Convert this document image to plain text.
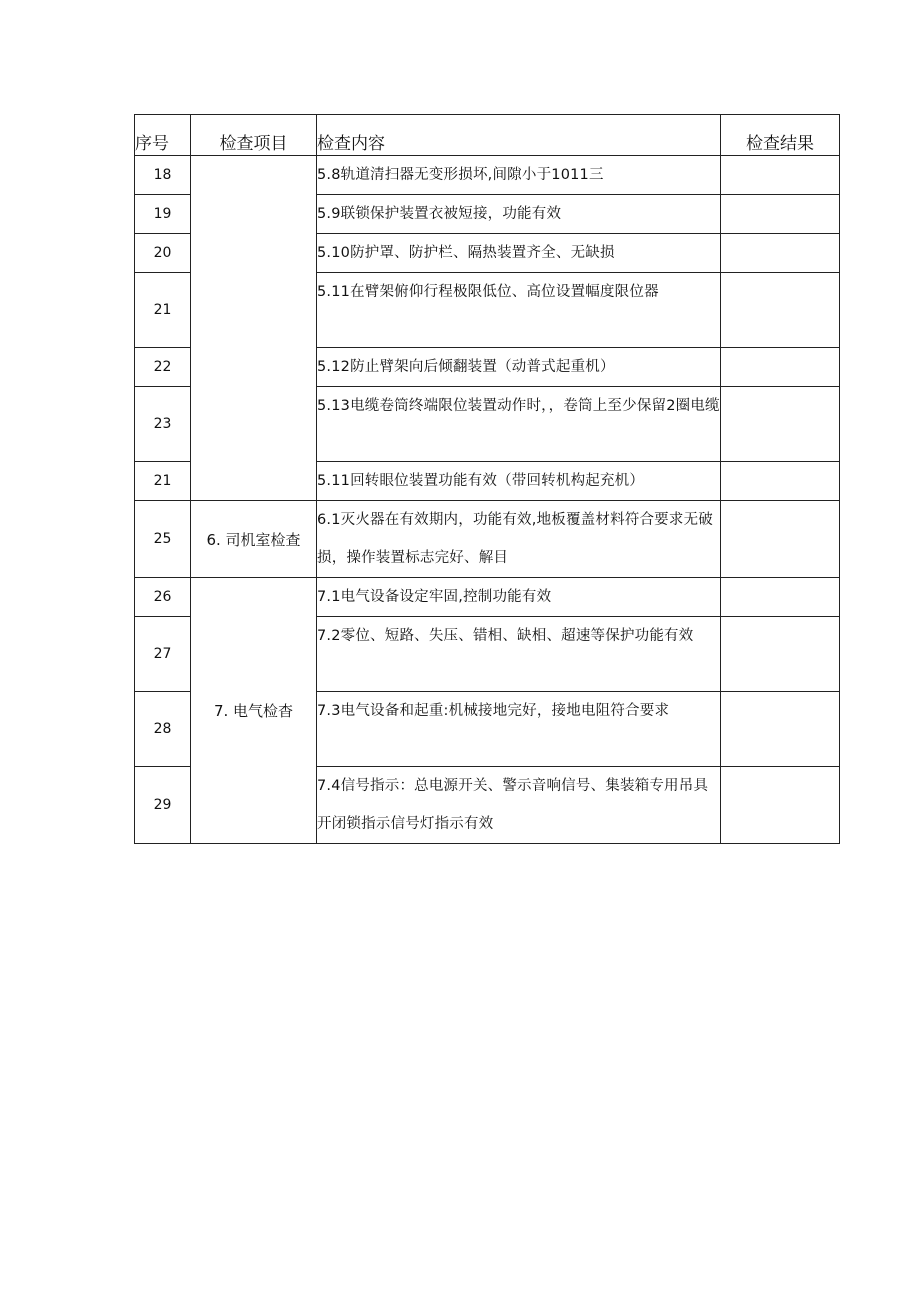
序号	检查项目	检查内容	检查结果
18		5.8轨道清扫器无变形损坏,间隙小于1011三	
19		5.9联锁保护装置衣被短接，功能有效	
20		5.10防护罩、防护栏、隔热装置齐全、无缺损	
21		5.11在臂架俯仰行程极限低位、高位设置幅度限位器	
22		5.12防止臂架向后倾翻装置（动普式起重机）	
23		5.13电缆卷筒终端限位装置动作时，，卷筒上至少保留2圈电缆	
21		5.11回转眼位装置功能有效（带回转机构起充机）	
25	6. 司机室检查	6.1灭火器在有效期内，功能有效,地板覆盖材料符合要求无破损，操作装置标志完好、解目	
26	7. 电气检杳	7.1电气设备设定牢固,控制功能有效	
27		7.2零位、短路、失压、错相、缺相、超速等保护功能有效	
28		7.3电气设备和起重:机械接地完好，接地电阻符合要求	
29		7.4信号指示：总电源开关、警示音响信号、集装箱专用吊具开闭锁指示信号灯指示有效	
